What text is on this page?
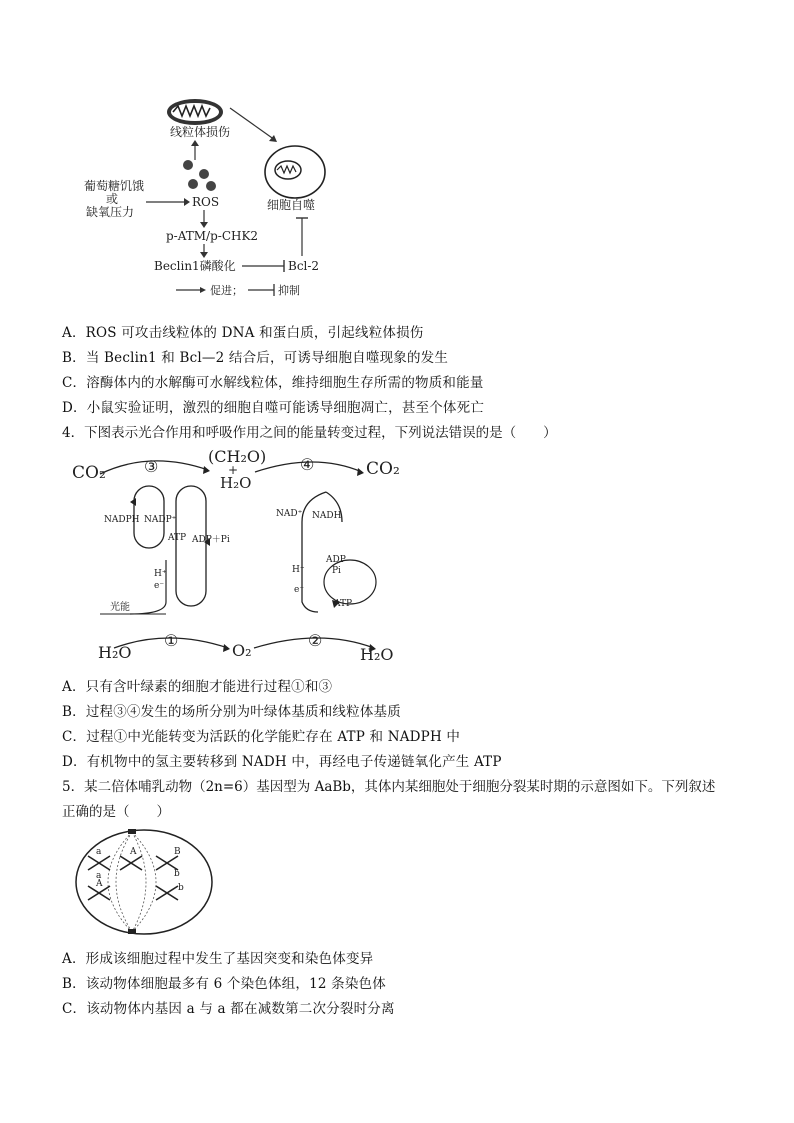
线粒体损伤
细胞自噬
葡萄糖饥饿
或
缺氧压力
ROS
p-ATM/p-CHK2
Beclin1磷酸化	Bcl-2
促进；	抑制
A．ROS 可攻击线粒体的 DNA 和蛋白质，引起线粒体损伤
B．当 Beclin1 和 Bcl—2 结合后，可诱导细胞自噬现象的发生
C．溶酶体内的水解酶可水解线粒体，维持细胞生存所需的物质和能量
D．小鼠实验证明，激烈的细胞自噬可能诱导细胞凋亡，甚至个体死亡
4．下图表示光合作用和呼吸作用之间的能量转变过程，下列说法错误的是（　　）
CO₂ ③
(CH₂O)
+
H₂O
④	CO₂
NADPH NADP⁺
ATP ADP＋Pi
H⁺
e⁻
光能
NAD⁺ NADH
H⁺
e⁻
ADP
Pi
ATP
H₂O
①
O₂
②
H₂O
A．只有含叶绿素的细胞才能进行过程①和③
B．过程③④发生的场所分别为叶绿体基质和线粒体基质
C．过程①中光能转变为活跃的化学能贮存在 ATP 和 NADPH 中
D．有机物中的氢主要转移到 NADH 中，再经电子传递链氧化产生 ATP
5．某二倍体哺乳动物（2n=6）基因型为 AaBb，其体内某细胞处于细胞分裂某时期的示意图如下。下列叙述
正确的是（　　）
a
a
A	B
b
b
A
A．形成该细胞过程中发生了基因突变和染色体变异
B．该动物体细胞最多有 6 个染色体组，12 条染色体
C．该动物体内基因 a 与 a 都在减数第二次分裂时分离
